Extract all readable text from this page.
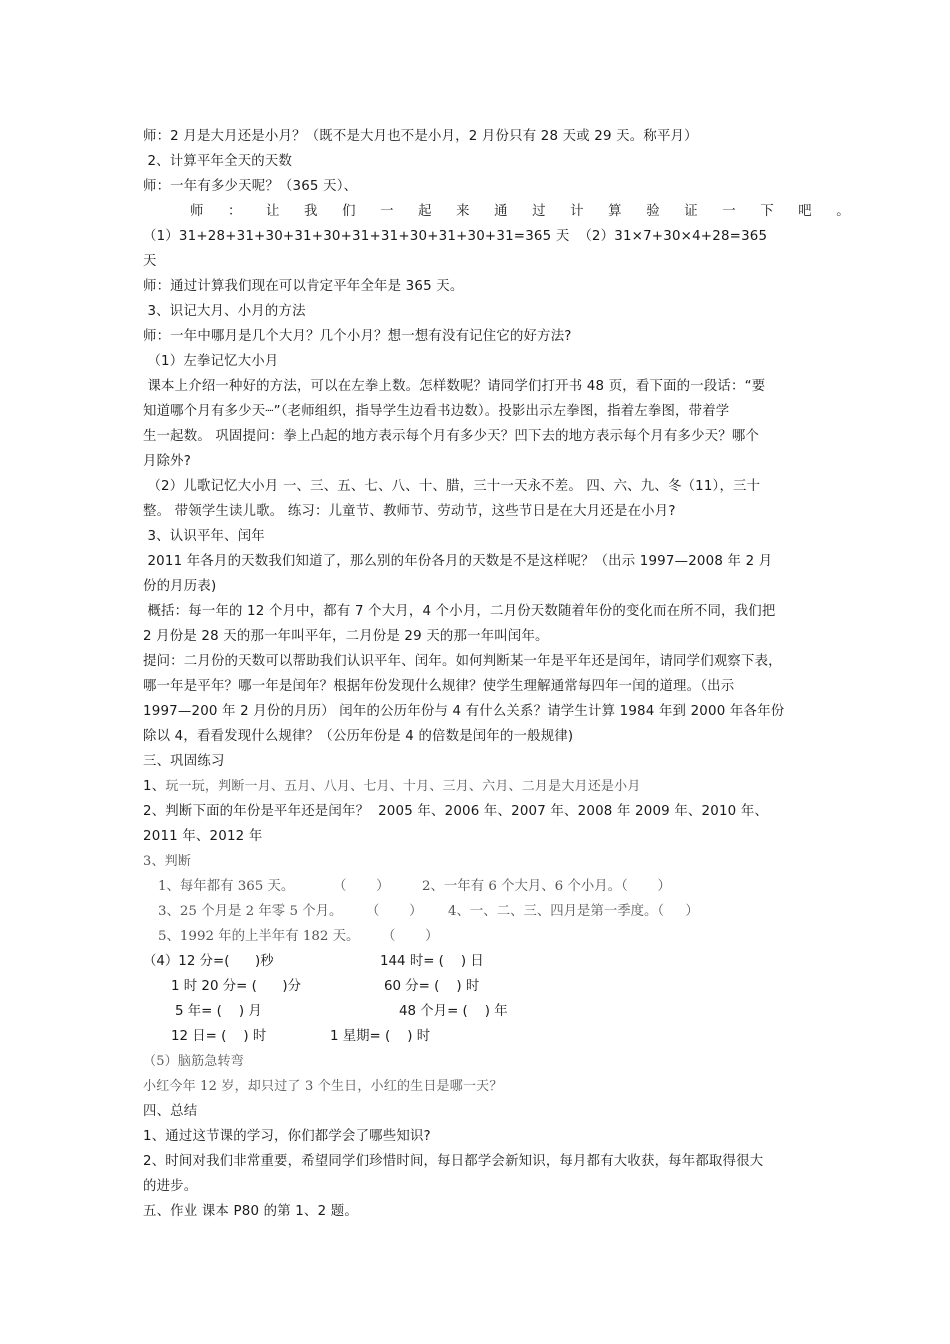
师：2 月是大月还是小月？（既不是大月也不是小月，2 月份只有 28 天或 29 天。称平月）
2、计算平年全天的天数
师：一年有多少天呢？（365 天）、
师 ： 让 我 们 一 起 来 通 过 计 算 验 证 一 下 吧 。
（1）31+28+31+30+31+30+31+31+30+31+30+31=365 天  （2）31×7+30×4+28=365
天
师：通过计算我们现在可以肯定平年全年是 365 天。
3、识记大月、小月的方法
师：一年中哪月是几个大月？几个小月？想一想有没有记住它的好方法?
（1）左拳记忆大小月
课本上介绍一种好的方法，可以在左拳上数。怎样数呢？请同学们打开书 48 页，看下面的一段话：“要
知道哪个月有多少天┈”（老师组织，指导学生边看书边数）。投影出示左拳图，指着左拳图，带着学
生一起数。 巩固提问：拳上凸起的地方表示每个月有多少天？凹下去的地方表示每个月有多少天？哪个
月除外?
（2）儿歌记忆大小月 一、三、五、七、八、十、腊，三十一天永不差。 四、六、九、冬（11），三十
整。 带领学生读儿歌。 练习：儿童节、教师节、劳动节，这些节日是在大月还是在小月?
3、认识平年、闰年
2011 年各月的天数我们知道了，那么别的年份各月的天数是不是这样呢？（出示 1997—2008 年 2 月
份的月历表)
概括：每一年的 12 个月中，都有 7 个大月，4 个小月，二月份天数随着年份的变化而在所不同，我们把
2 月份是 28 天的那一年叫平年，二月份是 29 天的那一年叫闰年。
提问：二月份的天数可以帮助我们认识平年、闰年。如何判断某一年是平年还是闰年，请同学们观察下表，
哪一年是平年？哪一年是闰年？根据年份发现什么规律？使学生理解通常每四年一闰的道理。（出示
1997—200 年 2 月份的月历） 闰年的公历年份与 4 有什么关系？请学生计算 1984 年到 2000 年各年份
除以 4，看看发现什么规律？（公历年份是 4 的倍数是闰年的一般规律)
三、巩固练习
1、玩一玩，判断一月、五月、八月、七月、十月、三月、六月、二月是大月还是小月
2、判断下面的年份是平年还是闰年？  2005 年、2006 年、2007 年、2008 年 2009 年、2010 年、
2011 年、2012 年
3、判断
1、每年都有 365 天。	（       ） 2、一年有 6 个大月、6 个小月。（       ）
3、25 个月是 2 年零 5 个月。 （       ） 4、一、二、三、四月是第一季度。（     ）
5、1992 年的上半年有 182 天。 （       ）
（4）12 分=(      )秒	144 时= (    ) 日
1 时 20 分= (      )分	60 分= (    ) 时
5 年= (    ) 月	48 个月= (    ) 年
12 日= (    ) 时	1 星期= (    ) 时
（5）脑筋急转弯
小红今年 12 岁，却只过了 3 个生日，小红的生日是哪一天？
四、总结
1、通过这节课的学习，你们都学会了哪些知识?
2、时间对我们非常重要，希望同学们珍惜时间，每日都学会新知识，每月都有大收获，每年都取得很大
的进步。
五、作业 课本 P80 的第 1、2 题。
